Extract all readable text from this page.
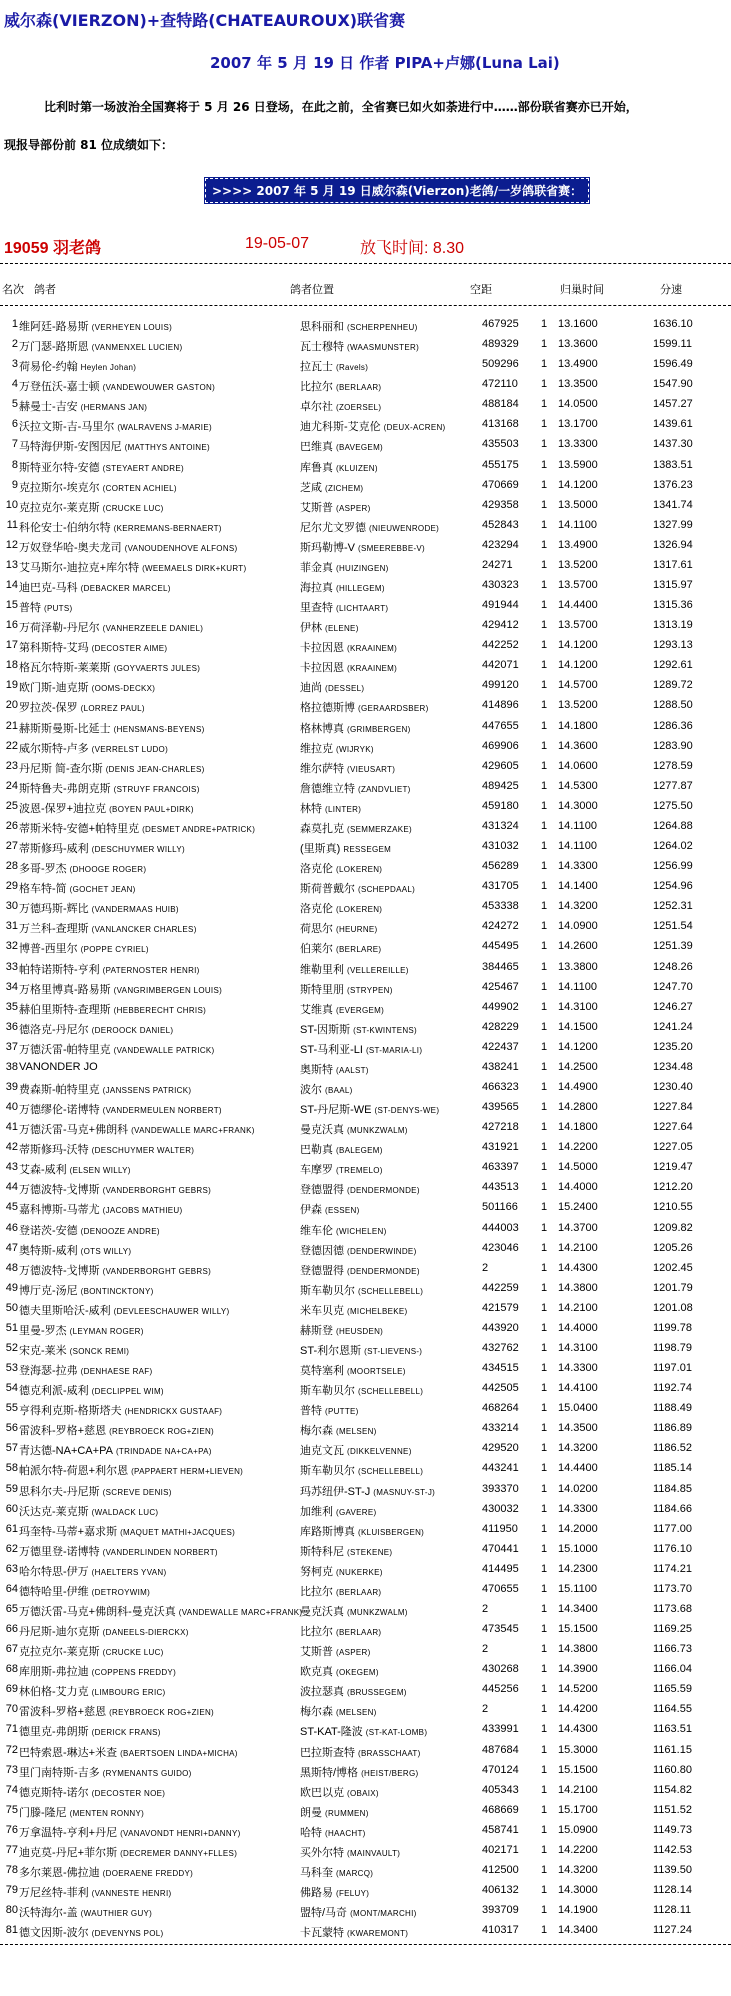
威尔森(VIERZON)+查特路(CHATEAUROUX)联省赛
2007 年 5 月 19 日 作者 PIPA+卢娜(Luna Lai)
比利时第一场波治全国赛将于 5 月 26 日登场，在此之前，全省赛已如火如荼进行中……部份联省赛亦已开始，
现报导部份前 81 位成绩如下：
>>>> 2007 年 5 月 19 日威尔森(Vierzon)老鸽/一岁鸽联省赛：
19059 羽老鸽	19-05-07	放飞时间: 8.30
名次 鸽者	鸽者位置	空距	归巢时间	分速
1 维阿廷-路易斯 (VERHEYEN LOUIS)	思科丽和 (SCHERPENHEU)	467925 1 13.1600	1636.10
2 万门瑟-路斯恩 (VANMENXEL LUCIEN)	瓦士穆特 (WAASMUNSTER)	489329 1 13.3600	1599.11
3 荷易伦-约翰 Heylen Johan)	拉瓦士 (Ravels)	509296 1 13.4900	1596.49
4 万登伍沃-嘉士顿 (VANDEWOUWER GASTON)	比拉尔 (BERLAAR)	472110 1 13.3500	1547.90
5 赫曼士-吉安 (HERMANS JAN)	卓尔社 (ZOERSEL)	488184 1 14.0500	1457.27
6 沃拉文斯-吉-马里尔 (WALRAVENS J-MARIE)	迪尤科斯-艾克伦 (DEUX-ACREN)	413168 1 13.1700	1439.61
7 马特海伊斯-安图因尼 (MATTHYS ANTOINE)	巴维真 (BAVEGEM)	435503 1 13.3300	1437.30
8 斯特亚尔特-安德 (STEYAERT ANDRE)	库鲁真 (KLUIZEN)	455175 1 13.5900	1383.51
9 克拉斯尔-埃克尔 (CORTEN ACHIEL)	芝咸 (ZICHEM)	470669 1 14.1200	1376.23
10 克拉克尔-莱克斯 (CRUCKE LUC)	艾斯普 (ASPER)	429358 1 13.5000	1341.74
11 科伦安士-伯纳尔特 (KERREMANS-BERNAERT)	尼尔尤文罗德 (NIEUWENRODE)	452843 1 14.1100	1327.99
12 万奴登华哈-奥夫龙司 (VANOUDENHOVE ALFONS)	斯玛勒博-V (SMEEREBBE-V)	423294 1 13.4900	1326.94
13 艾马斯尔-迪拉克+库尔特 (WEEMAELS DIRK+KURT)	菲金真 (HUIZINGEN)	24271	1 13.5200	1317.61
14 迪巴克-马科 (DEBACKER MARCEL)	海拉真 (HILLEGEM)	430323 1 13.5700	1315.97
15 普特 (PUTS)	里查特 (LICHTAART)	491944 1 14.4400	1315.36
16 万荷泽勒-丹尼尔 (VANHERZEELE DANIEL)	伊林 (ELENE)	429412 1 13.5700	1313.19
17 第科斯特-艾玛 (DECOSTER AIME)	卡拉因恩 (KRAAINEM)	442252 1 14.1200	1293.13
18 格瓦尔特斯-莱莱斯 (GOYVAERTS JULES)	卡拉因恩 (KRAAINEM)	442071 1 14.1200	1292.61
19 欧门斯-迪克斯 (OOMS-DECKX)	迪尚 (DESSEL)	499120 1 14.5700	1289.72
20 罗拉茨-保罗 (LORREZ PAUL)	格拉德斯博 (GERAARDSBER)	414896 1 13.5200	1288.50
21 赫斯斯曼斯-比延士 (HENSMANS-BEYENS)	格林博真 (GRIMBERGEN)	447655 1 14.1800	1286.36
22 威尔斯特-卢多 (VERRELST LUDO)	维拉克 (WIJRYK)	469906 1 14.3600	1283.90
23 丹尼斯 简-查尔斯 (DENIS JEAN-CHARLES)	维尔萨特 (VIEUSART)	429605 1 14.0600	1278.59
24 斯特鲁夫-弗朗克斯 (STRUYF FRANCOIS)	詹德维立特 (ZANDVLIET)	489425 1 14.5300	1277.87
25 波恩-保罗+迪拉克 (BOYEN PAUL+DIRK)	林特 (LINTER)	459180 1 14.3000	1275.50
26 蒂斯米特-安德+帕特里克 (DESMET ANDRE+PATRICK)	森莫扎克 (SEMMERZAKE)	431324 1 14.1100	1264.88
27 蒂斯修玛-威利 (DESCHUYMER WILLY)	(里斯真) RESSEGEM	431032 1 14.1100	1264.02
28 多哥-罗杰 (DHOOGE ROGER)	洛克伦 (LOKEREN)	456289 1 14.3300	1256.99
29 格车特-简 (GOCHET JEAN)	斯荷普戴尔 (SCHEPDAAL)	431705 1 14.1400	1254.96
30 万德玛斯-辉比 (VANDERMAAS HUIB)	洛克伦 (LOKEREN)	453338 1 14.3200	1252.31
31 万兰科-查理斯 (VANLANCKER CHARLES)	荷思尔 (HEURNE)	424272 1 14.0900	1251.54
32 博普-西里尔 (POPPE CYRIEL)	伯莱尔 (BERLARE)	445495 1 14.2600	1251.39
33 帕特诺斯特-亨利 (PATERNOSTER HENRI)	维勒里利 (VELLEREILLE)	384465 1 13.3800	1248.26
34 万格里博真-路易斯 (VANGRIMBERGEN LOUIS)	斯特里朋 (STRYPEN)	425467 1 14.1100	1247.70
35 赫伯里斯特-查理斯 (HEBBERECHT CHRIS)	艾维真 (EVERGEM)	449902 1 14.3100	1246.27
36 德洛克-丹尼尔 (DEROOCK DANIEL)	ST-因斯斯 (ST-KWINTENS)	428229 1 14.1500	1241.24
37 万德沃雷-帕特里克 (VANDEWALLE PATRICK)	ST-马利亚-LI (ST-MARIA-LI)	422437 1 14.1200	1235.20
38 VANONDER JO	奥斯特 (AALST)	438241 1 14.2500	1234.48
39 费森斯-帕特里克 (JANSSENS PATRICK)	波尔 (BAAL)	466323 1 14.4900	1230.40
40 万德缪伦-诺博特 (VANDERMEULEN NORBERT)	ST-丹尼斯-WE (ST-DENYS-WE)	439565 1 14.2800	1227.84
41 万德沃雷-马克+佛朗科 (VANDEWALLE MARC+FRANK)	曼克沃真 (MUNKZWALM)	427218 1 14.1800	1227.64
42 蒂斯修玛-沃特 (DESCHUYMER WALTER)	巴勒真 (BALEGEM)	431921 1 14.2200	1227.05
43 艾森-威利 (ELSEN WILLY)	车摩罗 (TREMELO)	463397 1 14.5000	1219.47
44 万德波特-戈博斯 (VANDERBORGHT GEBRS)	登德盟得 (DENDERMONDE)	443513 1 14.4000	1212.20
45 嘉科博斯-马蒂尤 (JACOBS MATHIEU)	伊森 (ESSEN)	501166 1 15.2400	1210.55
46 登诺茨-安德 (DENOOZE ANDRE)	维车伦 (WICHELEN)	444003 1 14.3700	1209.82
47 奥特斯-威利 (OTS WILLY)	登德因德 (DENDERWINDE)	423046 1 14.2100	1205.26
48 万德波特-戈博斯 (VANDERBORGHT GEBRS)	登德盟得 (DENDERMONDE)	2	1 14.4300	1202.45
49 博厅克-汤尼 (BONTINCKTONY)	斯车勒贝尔 (SCHELLEBELL)	442259 1 14.3800	1201.79
50 德夫里斯哈沃-威利 (DEVLEESCHAUWER WILLY)	米车贝克 (MICHELBEKE)	421579 1 14.2100	1201.08
51 里曼-罗杰 (LEYMAN ROGER)	赫斯登 (HEUSDEN)	443920 1 14.4000	1199.78
52 宋克-莱米 (SONCK REMI)	ST-利尔恩斯 (ST-LIEVENS-)	432762 1 14.3100	1198.79
53 登海瑟-拉弗 (DENHAESE RAF)	莫特塞利 (MOORTSELE)	434515 1 14.3300	1197.01
54 德克利派-威利 (DECLIPPEL WIM)	斯车勒贝尔 (SCHELLEBELL)	442505 1 14.4100	1192.74
55 亨得利克斯-格斯塔夫 (HENDRICKX GUSTAAF)	普特 (PUTTE)	468264 1 15.0400	1188.49
56 雷波科-罗格+慈恩 (REYBROECK ROG+ZIEN)	梅尔森 (MELSEN)	433214 1 14.3500	1186.89
57 青达德-NA+CA+PA (TRINDADE NA+CA+PA)	迪克文瓦 (DIKKELVENNE)	429520 1 14.3200	1186.52
58 帕派尔特-荷恩+利尔恩 (PAPPAERT HERM+LIEVEN)	斯车勒贝尔 (SCHELLEBELL)	443241 1 14.4400	1185.14
59 思科尔夫-丹尼斯 (SCREVE DENIS)	玛苏纽伊-ST-J (MASNUY-ST-J)	393370 1 14.0200	1184.85
60 沃达克-莱克斯 (WALDACK LUC)	加维利 (GAVERE)	430032 1 14.3300	1184.66
61 玛奎特-马蒂+嘉求斯 (MAQUET MATHI+JACQUES)	库路斯博真 (KLUISBERGEN)	411950 1 14.2000	1177.00
62 万德里登-诺博特 (VANDERLINDEN NORBERT)	斯特科尼 (STEKENE)	470441 1 15.1000	1176.10
63 哈尔特思-伊万 (HAELTERS YVAN)	努柯克 (NUKERKE)	414495 1 14.2300	1174.21
64 德特哈里-伊维 (DETROYWIM)	比拉尔 (BERLAAR)	470655 1 15.1100	1173.70
65 万德沃雷-马克+佛朗科-曼克沃真 (VANDEWALLE MARC+FRANK)
曼克沃真 (MUNKZWALM)	2	1 14.3400	1173.68
66 丹尼斯-迪尔克斯 (DANEELS-DIERCKX)	比拉尔 (BERLAAR)	473545 1 15.1500	1169.25
67 克拉克尔-莱克斯 (CRUCKE LUC)	艾斯普 (ASPER)	2	1 14.3800	1166.73
68 库朋斯-弗拉迪 (COPPENS FREDDY)	欧克真 (OKEGEM)	430268 1 14.3900	1166.04
69 林伯格-艾力克 (LIMBOURG ERIC)	波拉瑟真 (BRUSSEGEM)	445256 1 14.5200	1165.59
70 雷波科-罗格+慈恩 (REYBROECK ROG+ZIEN)	梅尔森 (MELSEN)	2	1 14.4200	1164.55
71 德里克-弗朗斯 (DERICK FRANS)	ST-KAT-隆波 (ST-KAT-LOMB)	433991 1 14.4300	1163.51
72 巴特索恩-琳达+米查 (BAERTSOEN LINDA+MICHA)	巴拉斯查特 (BRASSCHAAT)	487684 1 15.3000	1161.15
73 里门南特斯-吉多 (RYMENANTS GUIDO)	黑斯特/博格 (HEIST/BERG)	470124 1 15.1500	1160.80
74 德克斯特-诺尔 (DECOSTER NOE)	欧巴以克 (OBAIX)	405343 1 14.2100	1154.82
75 门滕-隆尼 (MENTEN RONNY)	朗曼 (RUMMEN)	468669 1 15.1700	1151.52
76 万拿温特-亨利+丹尼 (VANAVONDT HENRI+DANNY)	哈特 (HAACHT)	458741 1 15.0900	1149.73
77 迪克莫-丹尼+菲尔斯 (DECREMER DANNY+FLLES)	买外尔特 (MAINVAULT)	402171 1 14.2200	1142.53
78 多尔莱恩-佛拉迪 (DOERAENE FREDDY)	马科奎 (MARCQ)	412500 1 14.3200	1139.50
79 万尼丝特-菲利 (VANNESTE HENRI)	佛路易 (FELUY)	406132 1 14.3000	1128.14
80 沃特海尔-盖 (WAUTHIER GUY)	盟特/马奇 (MONT/MARCHI)	393709 1 14.1900	1128.11
81 德文因斯-波尔 (DEVENYNS POL)	卡瓦蒙特 (KWAREMONT)	410317 1 14.3400	1127.24
